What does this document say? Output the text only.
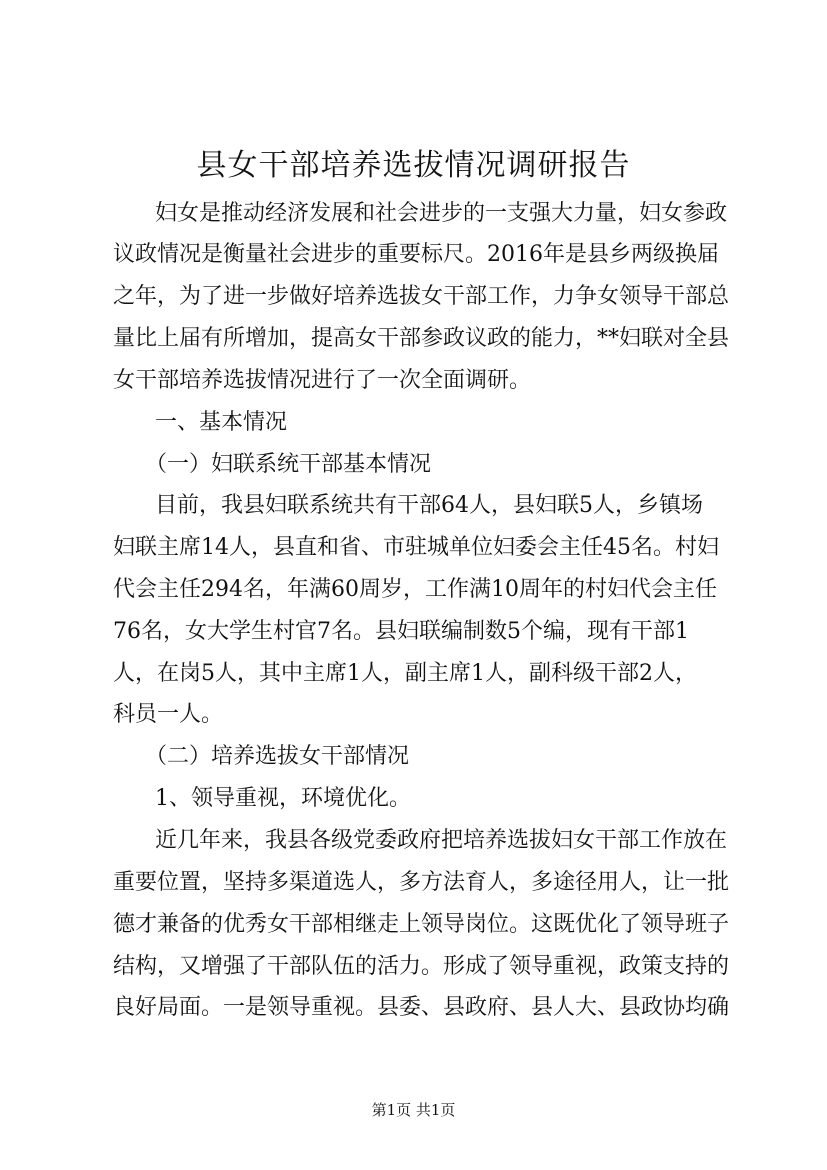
县女干部培养选拔情况调研报告

妇女是推动经济发展和社会进步的一支强大力量，妇女参政

议政情况是衡量社会进步的重要标尺。2016年是县乡两级换届

之年，为了进一步做好培养选拔女干部工作，力争女领导干部总

量比上届有所增加，提高女干部参政议政的能力，**妇联对全县

女干部培养选拔情况进行了一次全面调研。

一、基本情况

（一）妇联系统干部基本情况

目前，我县妇联系统共有干部64人，县妇联5人，乡镇场

妇联主席14人，县直和省、市驻城单位妇委会主任45名。村妇

代会主任294名，年满60周岁，工作满10周年的村妇代会主任

76名，女大学生村官7名。县妇联编制数5个编，现有干部1

人，在岗5人，其中主席1人，副主席1人，副科级干部2人，

科员一人。

（二）培养选拔女干部情况

1、领导重视，环境优化。

近几年来，我县各级党委政府把培养选拔妇女干部工作放在

重要位置，坚持多渠道选人，多方法育人，多途径用人，让一批

德才兼备的优秀女干部相继走上领导岗位。这既优化了领导班子

结构，又增强了干部队伍的活力。形成了领导重视，政策支持的

良好局面。一是领导重视。县委、县政府、县人大、县政协均确

第1页 共1页
